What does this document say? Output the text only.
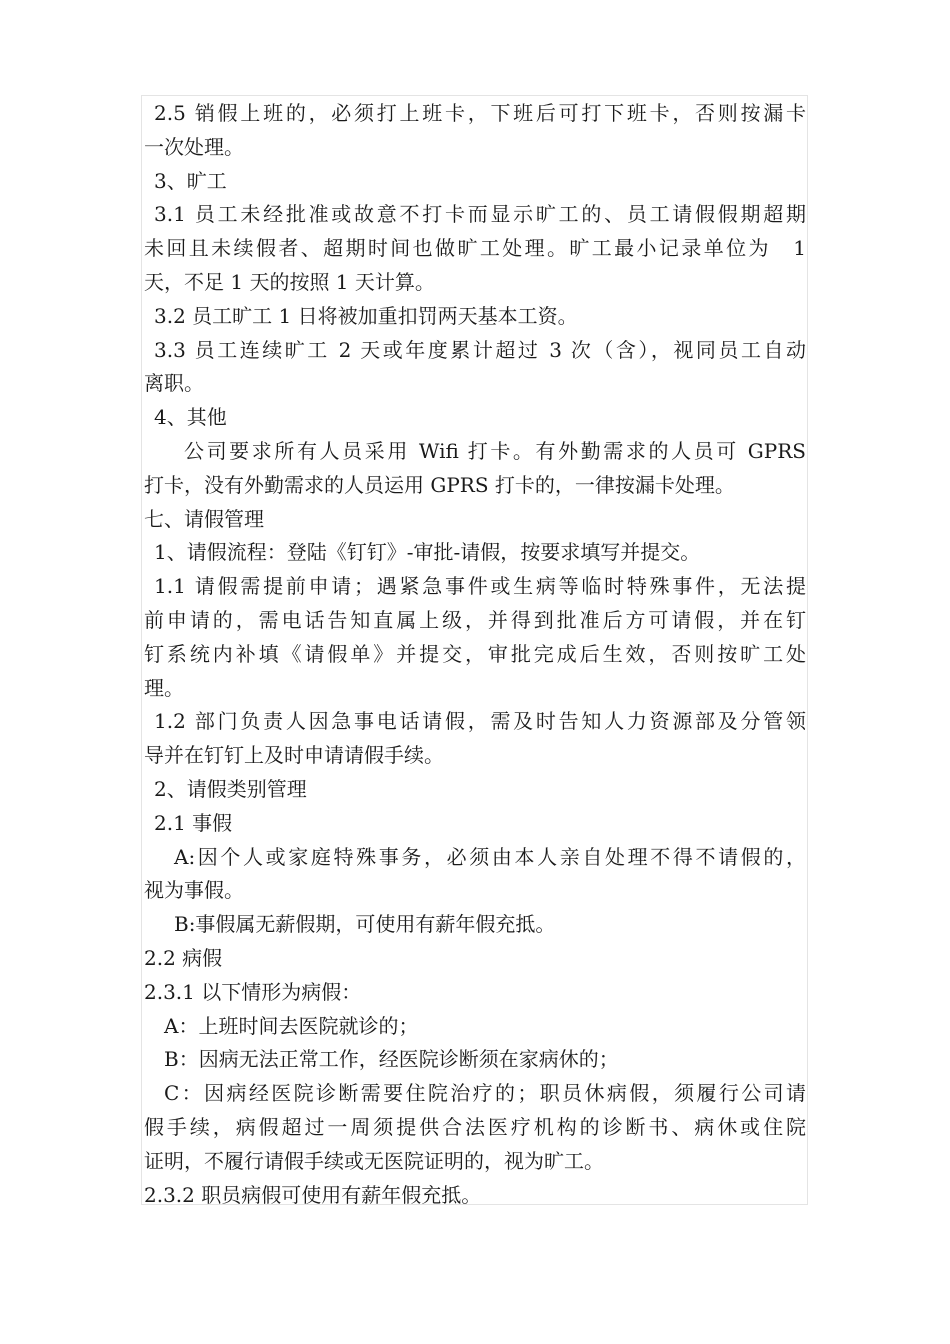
2.5 销假上班的，必须打上班卡，下班后可打下班卡，否则按漏卡
一次处理。
3、旷工
3.1 员工未经批准或故意不打卡而显示旷工的、员工请假假期超期
未回且未续假者、超期时间也做旷工处理。旷工最小记录单位为　1
天，不足 1 天的按照 1 天计算。
3.2 员工旷工 1 日将被加重扣罚两天基本工资。
3.3 员工连续旷工 2 天或年度累计超过 3 次（含），视同员工自动
离职。
4、其他
公司要求所有人员采用 Wifi 打卡。有外勤需求的人员可 GPRS
打卡，没有外勤需求的人员运用 GPRS 打卡的，一律按漏卡处理。
七、请假管理
1、请假流程：登陆《钉钉》-审批-请假，按要求填写并提交。
1.1 请假需提前申请；遇紧急事件或生病等临时特殊事件，无法提
前申请的，需电话告知直属上级，并得到批准后方可请假，并在钉
钉系统内补填《请假单》并提交，审批完成后生效，否则按旷工处
理。
1.2 部门负责人因急事电话请假，需及时告知人力资源部及分管领
导并在钉钉上及时申请请假手续。
2、请假类别管理
2.1 事假
A:因个人或家庭特殊事务，必须由本人亲自处理不得不请假的，
视为事假。
B:事假属无薪假期，可使用有薪年假充抵。
2.2 病假
2.3.1 以下情形为病假：
A：上班时间去医院就诊的；
B：因病无法正常工作，经医院诊断须在家病休的；
C：因病经医院诊断需要住院治疗的；职员休病假，须履行公司请
假手续，病假超过一周须提供合法医疗机构的诊断书、病休或住院
证明，不履行请假手续或无医院证明的，视为旷工。
2.3.2 职员病假可使用有薪年假充抵。
